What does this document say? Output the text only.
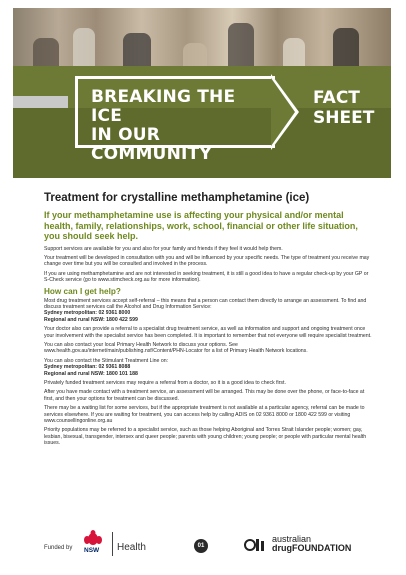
BREAKING THE ICE
IN OUR COMMUNITY
FACT
SHEET
Treatment for crystalline methamphetamine (ice)
If your methamphetamine use is affecting your physical and/or mental health, family, relationships, work, school, financial or other life situation, you should seek help.

Support services are available for you and also for your family and friends if they feel it would help them.

Your treatment will be developed in consultation with you and will be influenced by your specific needs. The type of treatment you receive may change over time but you will be consulted and involved in the process.

If you are using methamphetamine and are not interested in seeking treatment, it is still a good idea to have a regular check-up by your GP or S-Check service (go to www.stimcheck.org.au for more information).

How can I get help?

Most drug treatment services accept self-referral – this means that a person can contact them directly to arrange an assessment. To find and discuss treatment services call the Alcohol and Drug Information Service:
Sydney metropolitan: 02 9361 8000
Regional and rural NSW: 1800 422 599

Your doctor also can provide a referral to a specialist drug treatment service, as well as information and support and ongoing treatment once your involvement with the specialist service has been completed. It is important to remember that not everyone will require specialist treatment.

You can also contact your local Primary Health Network to discuss your options. See www.health.gov.au/internet/main/publishing.nsf/Content/PHN-Locator for a list of Primary Health Network locations.

You can also contact the Stimulant Treatment Line on:
Sydney metropolitan: 02 9361 8088
Regional and rural NSW: 1800 101 188

Privately funded treatment services may require a referral from a doctor, so it is a good idea to check first.

After you have made contact with a treatment service, an assessment will be arranged. This may be done over the phone, or face-to-face at first, and then your options for treatment can be discussed.

There may be a waiting list for some services, but if the appropriate treatment is not available at a particular agency, referral can be made to services elsewhere. If you are waiting for treatment, you can access help by calling ADIS on 02 9361 8000 or 1800 422 599 or visiting www.counsellingonline.org.au

Priority populations may be referred to a specialist service, such as those helping Aboriginal and Torres Strait Islander people; women; gay, lesbian, bisexual, transgender, intersex and queer people; parents with young children; young people; or people with particular mental health issues.

Funded by NSW Health	01
australian
drugFOUNDATION
